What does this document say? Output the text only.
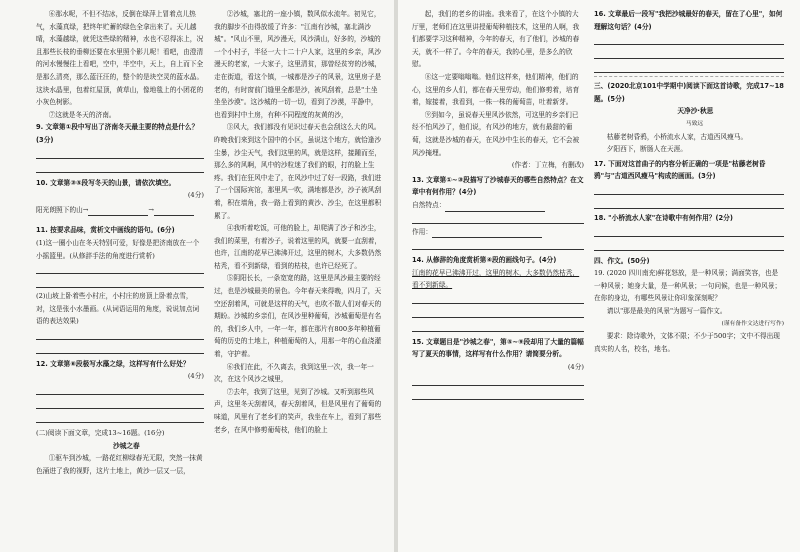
⑥那水呢，不但不结冰，反倒在绿萍上冒着点儿热气，水藻真绿，把终年贮蓄的绿色全拿出来了。天儿越晴，水藻越绿，就凭这些绿的精神，水也不忍得冻上，况且那些长枝的垂柳还要在水里照个影儿呢！看吧，由澄清的河水慢慢往上看吧，空中，半空中，天上，自上而下全是那么清亮，那么蓝汪汪的，整个的是块空灵的蓝水晶。这块水晶里，包着红屋顶，黄草山，像地毯上的小团花的小灰色树影。

⑦这就是冬天的济南。

9. 文章第①段中写出了济南冬天最主要的特点是什么？(3分)

10. 文章第③⑤段写冬天的山景，请依次填空。

(4分)

阳光朗照下的山→	→

11. 按要求品味，赏析文中画线的语句。(6分)

(1)这一圈小山在冬天特别可爱，好像是把济南放在一个小摇篮里。(从修辞手法的角度进行赏析)

(2)山坡上卧着些小村庄，小村庄的房顶上卧着点雪，对，这是张小水墨画。(从词语运用的角度，说说加点词语的表达效果)

12. 文章第⑥段极写水藻之绿，这样写有什么好处？

(4分)

(二)阅读下面文章，完成13~16题。(16分)

沙城之春

①驱车到沙城，一路花红柳绿春光无限，突然一抹黄色涌进了我的视野，这片土地上，黄沙一层又一层，

②沙城，塞北的一座小镇，数风似水流年。初见它，我的脚步不由得放缓了许多："江南有沙城，塞北满沙城"。"风山不里，风沙漫天，风沙满山，好多的，沙城的一个小村子，半径一大十二十户人家，这里的乡亲，风沙漫天的老家，一大家子，这里清贫，那曾经贫穷的沙城，走在街道，看这个镇，一城都是沙子的风景，这里房子是老的，有时窗前门缝里全都是沙，被风刮着，总是"土坐坐坐沙漠"。这沙城的一切一切，看到了沙漠，平静中，也看到村中土房，有种不同程度的灰黄的沙，

③风大，我们都没有见识过春天也会刮这么大的风。昨晚我们来到这个国中的小区，虽说这个地方，就恰逢沙尘暴，沙尘天气，我们这里的风，就是这样，接踵而至，那么多的风啊，风中的沙粒迷了我们的眼，打的脸上生疼。我们在狂风中走了，在风沙中过了好一段路，我们进了一个国际宾馆，那里风一吹，满地都是沙，沙子被风刮着，积在墙角，我一路上看到的黄沙、沙尘，在这里都积累了。

④我听着吃饭，可他的脸上，却爬满了沙子和沙尘，我们的菜里，有着沙子，说着这里的风，就要一直刮着，也许，江南的花早已沸沸开过，这里的树木，大多数仍然枯秃，看不到新绿，看到的枯枝，也许已经死了。

⑤阴阳长长，一条宽宽的路，这里是风沙最主要的经过，也是沙城最美的景色。今年春天来得晚，四月了，天空还刮着风，可就是这样的天气，也吹不散人们对春天的期盼。沙城的乡亲们，在风沙里种葡萄，沙城葡萄是有名的，我们乡人中，一年一年，都在那片有800多年种植葡萄的历史的土地上，种植葡萄的人，用那一年的心血浇灌着，守护着。

⑥我们在此，不久离去，我到这里一次，我一年一次，在这个风沙之城里，

⑦去年，我到了这里，见到了沙城。又听到那些风声，这里冬天刮着风，春天刮着风，但是风里有了葡萄的味道，风里有了老乡们的笑声，我坐在车上，看到了那些老乡，在风中修剪葡萄枝，他们的脸上

起，我们的老乡的讲座。我来看了，在这个小镇的大厅里，老师们在这里讲授葡萄种植技术，这里的人啊，我们都要学习这种精神，今年的春天，有了他们，沙城的春天，就不一样了。今年的春天，我的心里，是多么的欣慰。

⑧这一定要嗡嗡嗡。他们这样来，他们精神，他们的心，这里的乡人们，都在春天里劳动，他们修剪着，培育着，嫁接着，我看到，一株一株的葡萄苗，吐着新芽。

⑨到如今，虽说春天里风沙依然，可这里的乡亲们已经不怕风沙了，他们说，有风沙的地方，就有最甜的葡萄，这就是沙城的春天，在风沙中生长的春天，它不会被风沙掩埋。

(作者：丁立梅，有删改)

13. 文章第①~③段描写了沙城春天的哪些自然特点？在文章中有何作用？(4分)

自然特点：

作用：

14. 从修辞的角度赏析第④段的画线句子。(4分)

江南的花早已沸沸开过，这里的树木，大多数仍然枯秃，看不到新绿。

15. 文章题目是"沙城之春"，第⑤~⑨段却用了大量的篇幅写了夏天的事情，这样写有什么作用？请简要分析。

(4分)

16. 文章最后一段写"我把沙城最好的春天，留在了心里"，如何理解这句话？(4分)

三、(2020北京101中学期中)阅读下面这首诗歌，完成17~18题。(5分)

天净沙·秋思

马致远

枯藤老树昏鸦，小桥流水人家，古道西风瘦马。

夕阳西下，断肠人在天涯。

17. 下面对这首曲子的内容分析正确的一项是"枯藤老树昏鸦"与"古道西风瘦马"构成的画面。(3分)

18. "小桥流水人家"在诗歌中有何作用？(2分)

四、作文。(50分)

19. (2020 四川南充)鲜花怒放，是一种风景；满面笑容，也是一种风景；她身大量，是一种风景；一句问候，也是一种风景；在你的身边，有哪些风景让你印象深刻呢？

请以"那是最美的风景"为题写一篇作文。

(谨有备作文达进行写作)

要求：除诗歌外，文体不限；不少于500字；文中不得出现真实的人名，校名，地名。
